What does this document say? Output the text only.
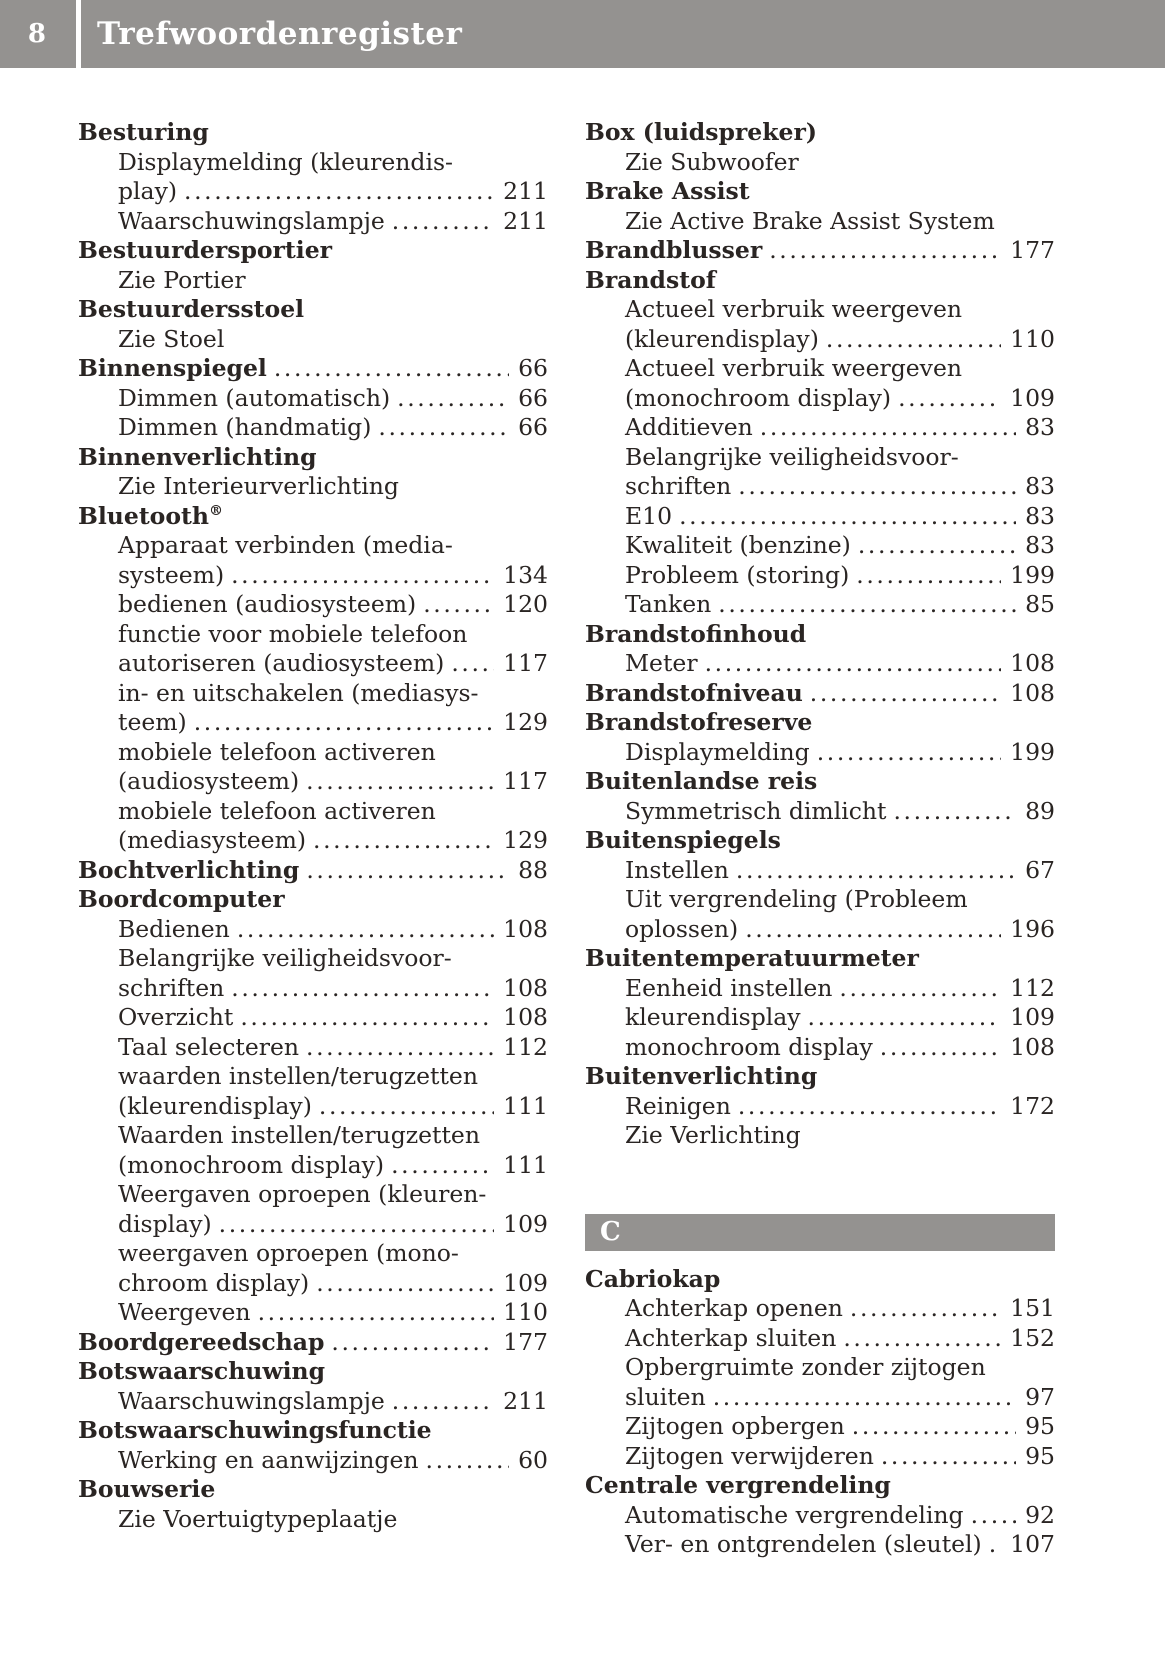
8	Trefwoordenregister
Besturing
Displaymelding (kleurendis-
play) .....	211
Waarschuwingslampje .....	211
Bestuurdersportier
Zie Portier
Bestuurdersstoel
Zie Stoel
Binnenspiegel .....	66
Dimmen (automatisch) .....	66
Dimmen (handmatig) .....	66
Binnenverlichting
Zie Interieurverlichting
Bluetooth®
Apparaat verbinden (media-
systeem) .....	134
bedienen (audiosysteem) .....	120
functie voor mobiele telefoon
autoriseren (audiosysteem) .....	117
in- en uitschakelen (mediasys-
teem) .....	129
mobiele telefoon activeren
(audiosysteem) .....	117
mobiele telefoon activeren
(mediasysteem) .....	129
Bochtverlichting .....	88
Boordcomputer
Bedienen .....	108
Belangrijke veiligheidsvoor-
schriften .....	108
Overzicht .....	108
Taal selecteren .....	112
waarden instellen/terugzetten
(kleurendisplay) .....	111
Waarden instellen/terugzetten
(monochroom display) .....	111
Weergaven oproepen (kleuren-
display) .....	109
weergaven oproepen (mono-
chroom display) .....	109
Weergeven .....	110
Boordgereedschap .....	177
Botswaarschuwing
Waarschuwingslampje .....	211
Botswaarschuwingsfunctie
Werking en aanwijzingen .....	60
Bouwserie
Zie Voertuigtypeplaatje
Box (luidspreker)
Zie Subwoofer
Brake Assist
Zie Active Brake Assist System
Brandblusser .....	177
Brandstof
Actueel verbruik weergeven
(kleurendisplay) .....	110
Actueel verbruik weergeven
(monochroom display) .....	109
Additieven .....	83
Belangrijke veiligheidsvoor-
schriften .....	83
E10 .....	83
Kwaliteit (benzine) .....	83
Probleem (storing) .....	199
Tanken .....	85
Brandstofinhoud
Meter .....	108
Brandstofniveau .....	108
Brandstofreserve
Displaymelding .....	199
Buitenlandse reis
Symmetrisch dimlicht .....	89
Buitenspiegels
Instellen .....	67
Uit vergrendeling (Probleem
oplossen) .....	196
Buitentemperatuurmeter
Eenheid instellen .....	112
kleurendisplay .....	109
monochroom display .....	108
Buitenverlichting
Reinigen .....	172
Zie Verlichting
C
Cabriokap
Achterkap openen .....	151
Achterkap sluiten .....	152
Opbergruimte zonder zijtogen
sluiten .....	97
Zijtogen opbergen .....	95
Zijtogen verwijderen .....	95
Centrale vergrendeling
Automatische vergrendeling .....	92
Ver- en ontgrendelen (sleutel) ..... 107
